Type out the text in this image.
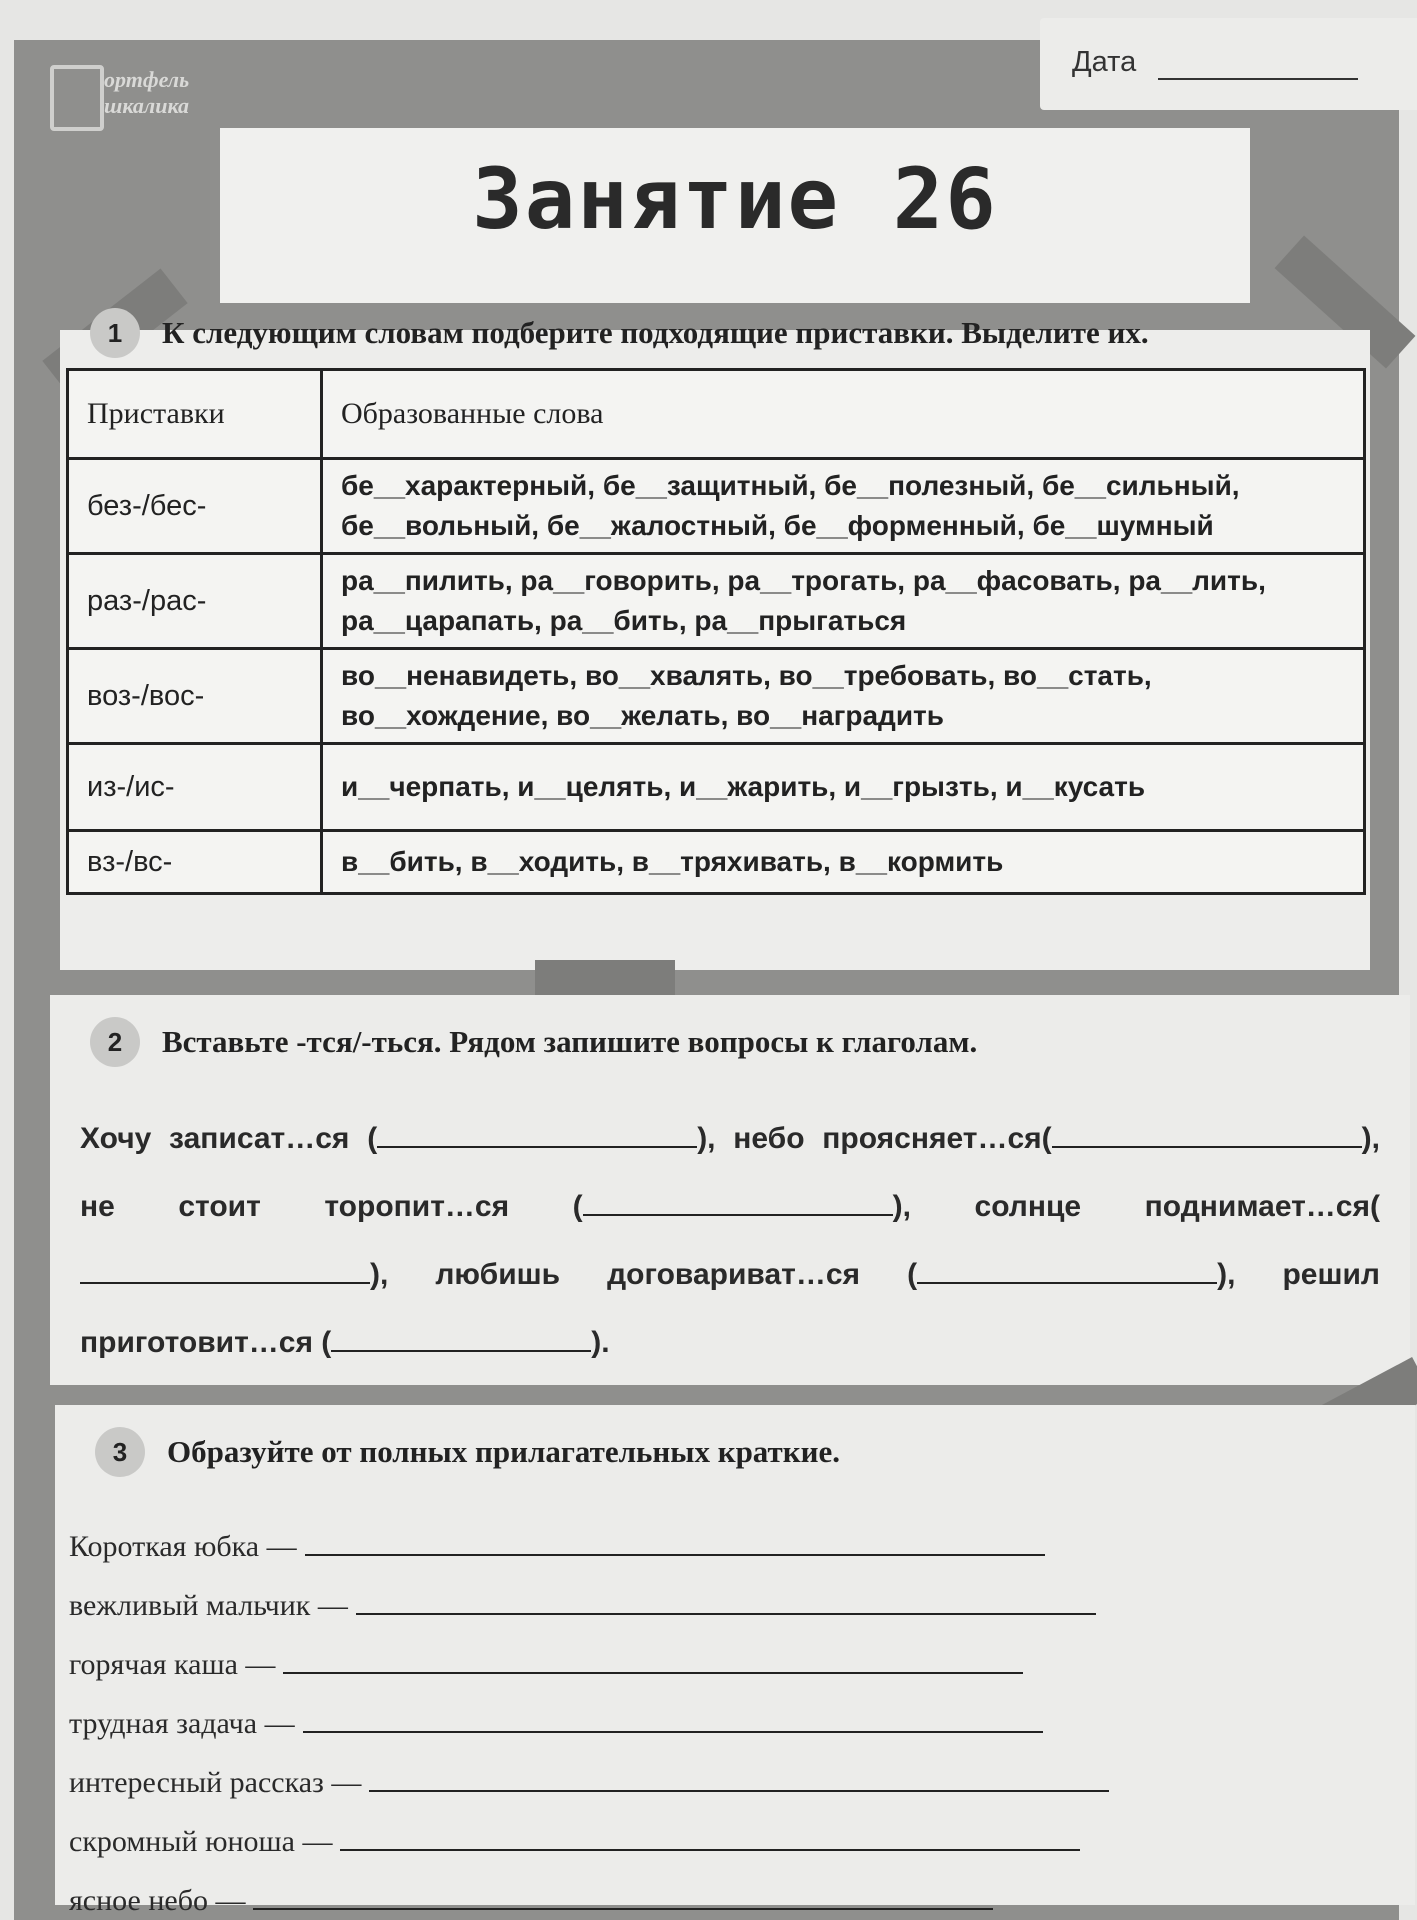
ортфель
шкалика
Дата
Занятие 26
1	К следующим словам подберите подходящие приставки. Выделите их.
Приставки	Образованные слова
без-/бес-	бе__характерный, бе__защитный, бе__полезный, бе__сильный, бе__вольный, бе__жалостный, бе__форменный, бе__шумный
раз-/рас-	ра__пилить, ра__говорить, ра__трогать, ра__фасовать, ра__лить, ра__царапать, ра__бить, ра__прыгаться
воз-/вос-	во__ненавидеть, во__хвалять, во__требовать, во__стать, во__хождение, во__желать, во__наградить
из-/ис-	и__черпать, и__целять, и__жарить, и__грызть, и__кусать
вз-/вс-	в__бить, в__ходить, в__тряхивать, в__кормить
2	Вставьте -тся/-ться. Рядом запишите вопросы к глаголам.
Хочу записат…ся (	), небо проясняет…ся(	), не стоит торопит…ся (	), солнце поднимает…ся(), любишь договариват…ся (	), решил приготовит…ся (	).
3	Образуйте от полных прилагательных краткие.
Короткая юбка —
вежливый мальчик —
горячая каша —
трудная задача —
интересный рассказ —
скромный юноша —
ясное небо —
